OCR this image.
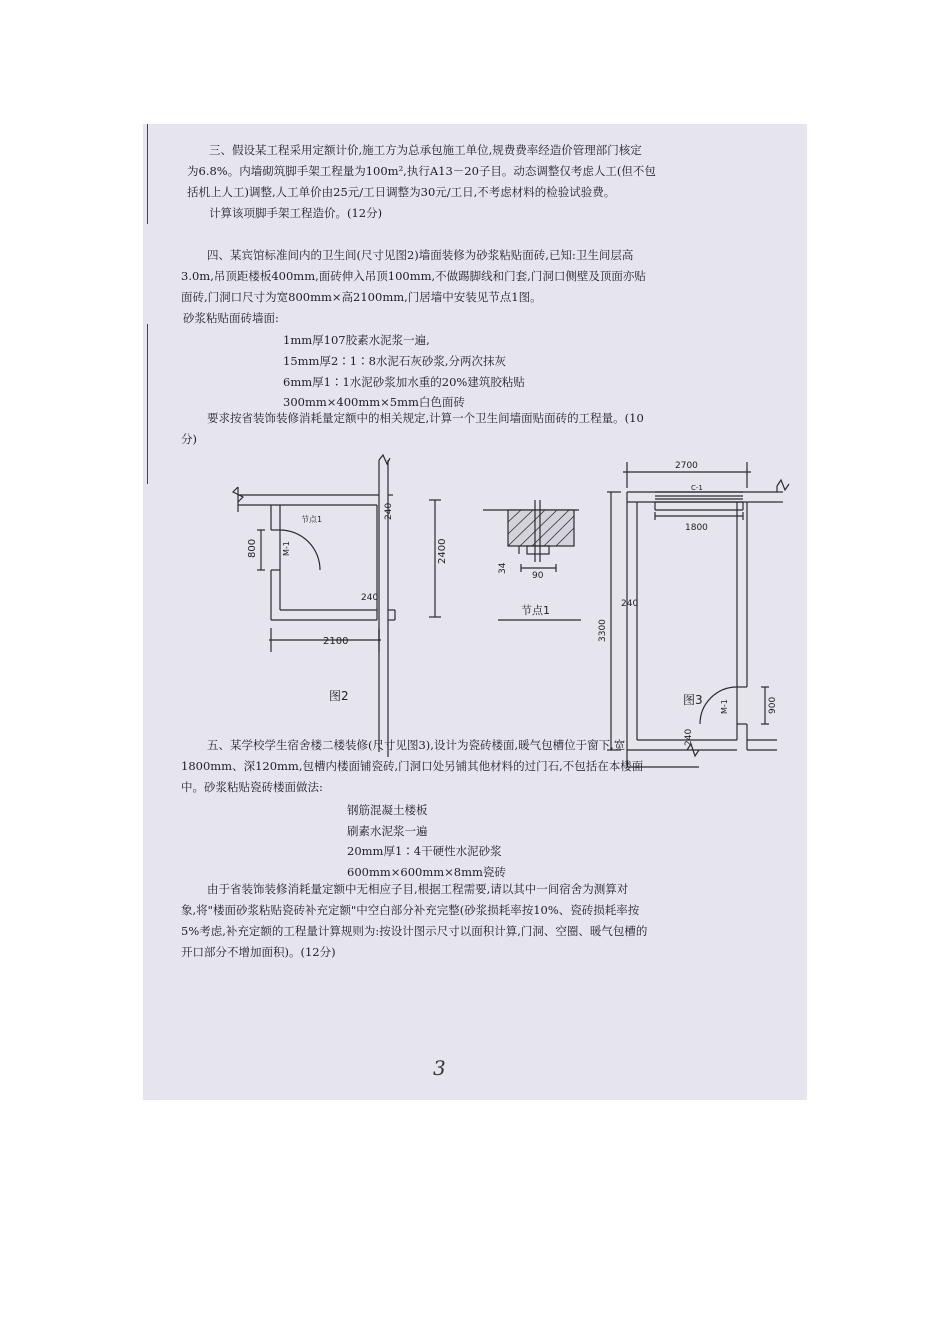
三、假设某工程采用定额计价,施工方为总承包施工单位,规费费率经造价管理部门核定
为6.8%。内墙砌筑脚手架工程量为100m²,执行A13－20子目。动态调整仅考虑人工(但不包
括机上人工)调整,人工单价由25元/工日调整为30元/工日,不考虑材料的检验试验费。
计算该项脚手架工程造价。(12分)
四、某宾馆标准间内的卫生间(尺寸见图2)墙面装修为砂浆粘贴面砖,已知:卫生间层高
3.0m,吊顶距楼板400mm,面砖伸入吊顶100mm,不做踢脚线和门套,门洞口侧壁及顶面亦贴
面砖,门洞口尺寸为宽800mm×高2100mm,门居墙中安装见节点1图。
砂浆粘贴面砖墙面:
1mm厚107胶素水泥浆一遍,
15mm厚2∶1∶8水泥石灰砂浆,分两次抹灰
6mm厚1∶1水泥砂浆加水重的20%建筑胶粘贴
300mm×400mm×5mm白色面砖
要求按省装饰装修消耗量定额中的相关规定,计算一个卫生间墙面贴面砖的工程量。(10
分)
2100
2400
800
240
240
M-1
节点1
图2
34
90
节点1
2700
C-1
1800
3300
240
900
M-1
240
图3
五、某学校学生宿舍楼二楼装修(尺寸见图3),设计为瓷砖楼面,暖气包槽位于窗下,宽
1800mm、深120mm,包槽内楼面铺瓷砖,门洞口处另铺其他材料的过门石,不包括在本楼面
中。砂浆粘贴瓷砖楼面做法:
钢筋混凝土楼板
刷素水泥浆一遍
20mm厚1∶4干硬性水泥砂浆
600mm×600mm×8mm瓷砖
由于省装饰装修消耗量定额中无相应子目,根据工程需要,请以其中一间宿舍为测算对
象,将"楼面砂浆粘贴瓷砖补充定额"中空白部分补充完整(砂浆损耗率按10%、瓷砖损耗率按
5%考虑,补充定额的工程量计算规则为:按设计图示尺寸以面积计算,门洞、空圈、暖气包槽的
开口部分不增加面积)。(12分)
3
